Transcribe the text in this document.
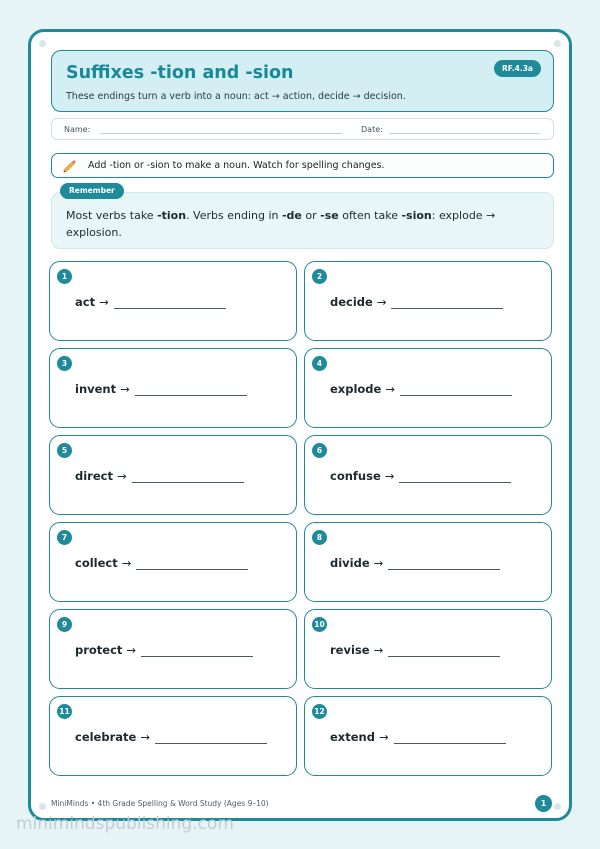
Suffixes -tion and -sion
These endings turn a verb into a noun: act → action, decide → decision.
RF.4.3a
Name:	Date:
Add -tion or -sion to make a noun. Watch for spelling changes.
Most verbs take -tion. Verbs ending in -de or -se often take -sion: explode → explosion.
Remember
1
act →
2
decide →
3
invent →
4
explode →
5
direct →
6
confuse →
7
collect →
8
divide →
9
protect →
10
revise →
11
celebrate →
12
extend →
MiniMinds • 4th Grade Spelling & Word Study (Ages 9–10)	1
minimindspublishing.com
